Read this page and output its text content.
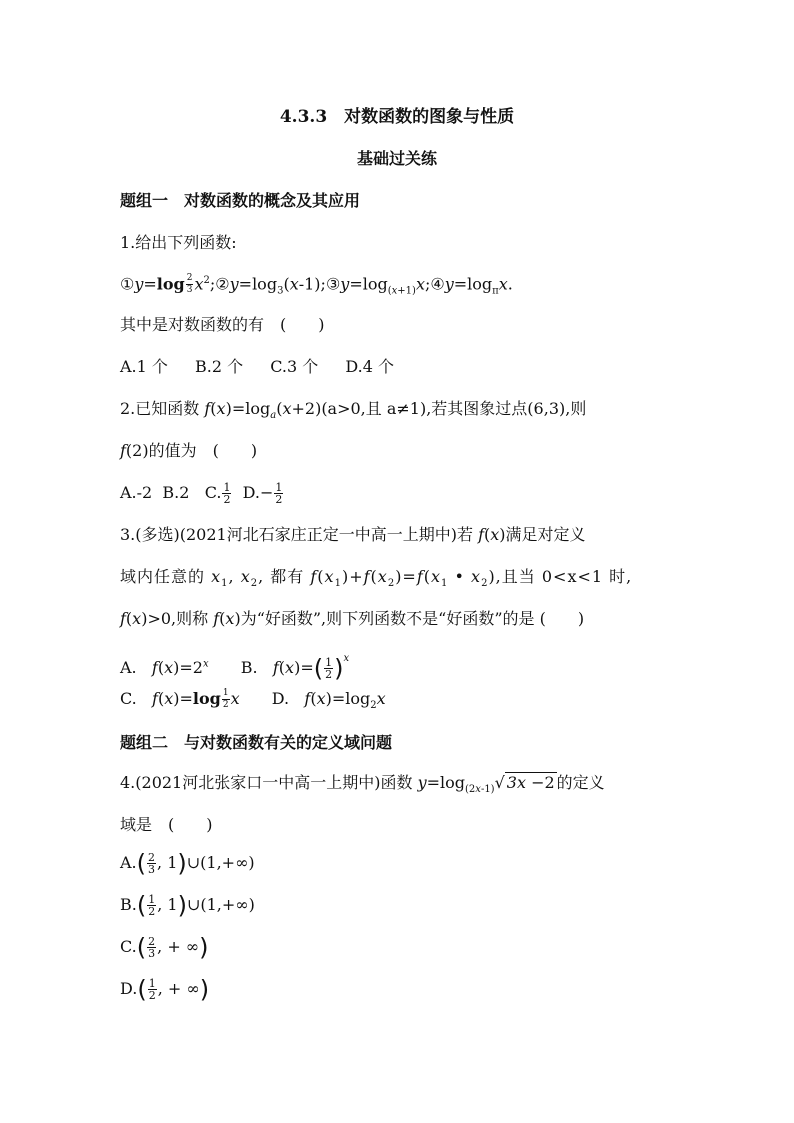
4.3.3　对数函数的图象与性质
基础过关练
题组一　对数函数的概念及其应用
1.给出下列函数:
①y=log $\frac{2}{3}$ $x^2;②y=\log_3(x-1);③y=\log_{(x+1)}x;④y=\log_\pi x$.
其中是对数函数的有　(　　)
A.1 个 B.2 个 C.3 个 D.4 个
2.已知函数 $f(x)=\log_a(x+2)(a>0$,且 a≠1),若其图象过点(6,3),则
f(2)的值为　(　　)
A.-2 B.2 C. $\frac{1}{2} D.- \frac{1}{2}$
3.(多选)(2021河北石家庄正定一中高一上期中)若 f(x)满足对定义
域内任意的 $x_1$, $x_2$, 都有 $f(x_1)+f(x_2)=f(x_1$ • $x_2$),且当 0<x<1 时,
f(x)>0,则称 f(x)为“好函数”,则下列函数不是“好函数”的是 (　　)
A. $f(x)=2^x$ B. $f(x)=( \frac{1}{2} )^x$
C. $f(x)=\log \frac{1}{2}$ x D. $f(x)=\log_2x$
题组二　与对数函数有关的定义域问题
4.(2021河北张家口一中高一上期中)函数 $y=\log_{(2x-1)}√$ 3x −2 的定义
域是　(　　)
$A.( \frac{2}{3}$ , 1)∪(1,+∞)
$B.( \frac{1}{2}$ , 1)∪(1,+∞)
$C.( \frac{2}{3}$ , + ∞)
$D.( \frac{1}{2}$ , + ∞)
